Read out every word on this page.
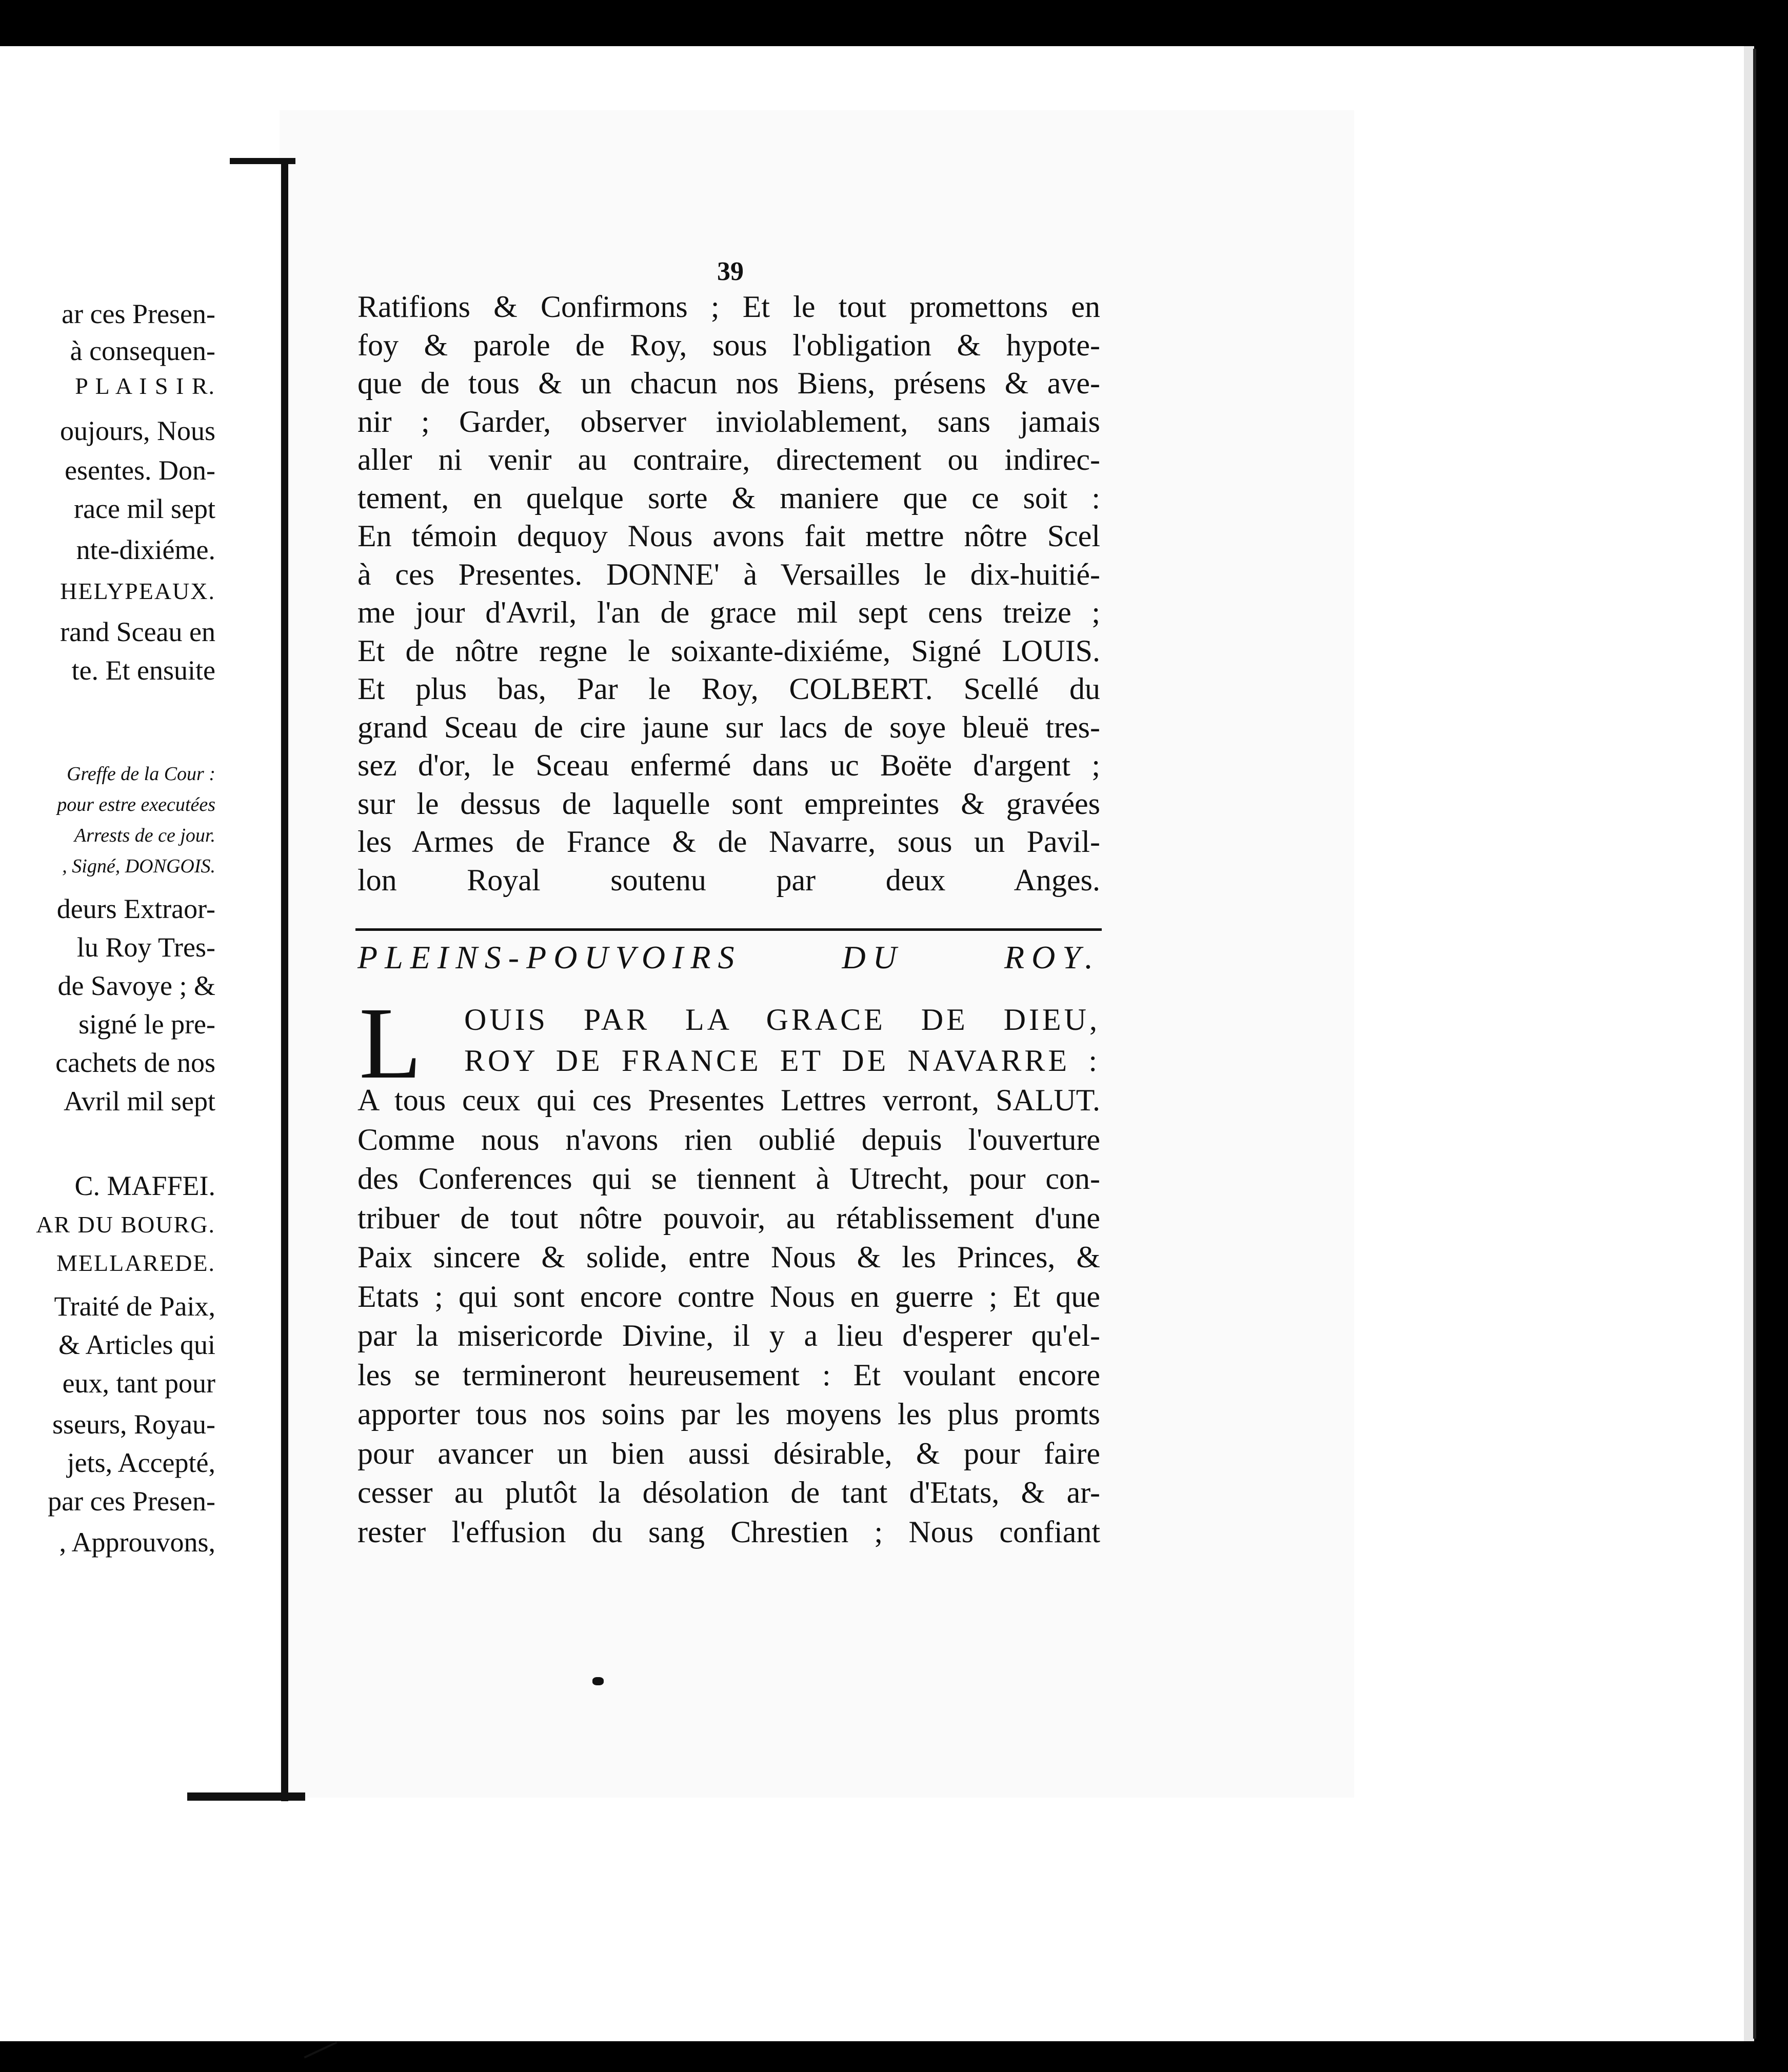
ar ces Presen-
à consequen-
P L A I S I R.
oujours, Nous
esentes. Don-
race mil sept
nte-dixiéme.
HELYPEAUX.
rand Sceau en
te. Et ensuite
Greffe de la Cour :
pour estre executées
Arrests de ce jour.
, Signé, DONGOIS.
deurs Extraor-
lu Roy Tres-
de Savoye ; &
signé le pre-
cachets de nos
Avril mil sept
C. MAFFEI.
AR DU BOURG.
MELLAREDE.
Traité de Paix,
& Articles qui
eux, tant pour
sseurs, Royau-
jets, Accepté,
par ces Presen-
, Approuvons,
39
Ratifions & Confirmons ; Et le tout promettons en
foy & parole de Roy, sous l'obligation & hypote-
que de tous & un chacun nos Biens, présens & ave-
nir ; Garder, observer inviolablement, sans jamais
aller ni venir au contraire, directement ou indirec-
tement, en quelque sorte & maniere que ce soit :
En témoin dequoy Nous avons fait mettre nôtre Scel
à ces Presentes. DONNE' à Versailles le dix-huitié-
me jour d'Avril, l'an de grace mil sept cens treize ;
Et de nôtre regne le soixante-dixiéme, Signé LOUIS.
Et plus bas, Par le Roy, COLBERT. Scellé du
grand Sceau de cire jaune sur lacs de soye bleuë tres-
sez d'or, le Sceau enfermé dans uc Boëte d'argent ;
sur le dessus de laquelle sont empreintes & gravées
les Armes de France & de Navarre, sous un Pavil-
lon Royal soutenu par deux Anges.
PLEINS-POUVOIRS DU ROY.
L OUIS PAR LA GRACE DE DIEU,
ROY DE FRANCE ET DE NAVARRE :
A tous ceux qui ces Presentes Lettres verront, SALUT.
Comme nous n'avons rien oublié depuis l'ouverture
des Conferences qui se tiennent à Utrecht, pour con-
tribuer de tout nôtre pouvoir, au rétablissement d'une
Paix sincere & solide, entre Nous & les Princes, &
Etats ; qui sont encore contre Nous en guerre ; Et que
par la misericorde Divine, il y a lieu d'esperer qu'el-
les se termineront heureusement : Et voulant encore
apporter tous nos soins par les moyens les plus promts
pour avancer un bien aussi désirable, & pour faire
cesser au plutôt la désolation de tant d'Etats, & ar-
rester l'effusion du sang Chrestien ; Nous confiant
